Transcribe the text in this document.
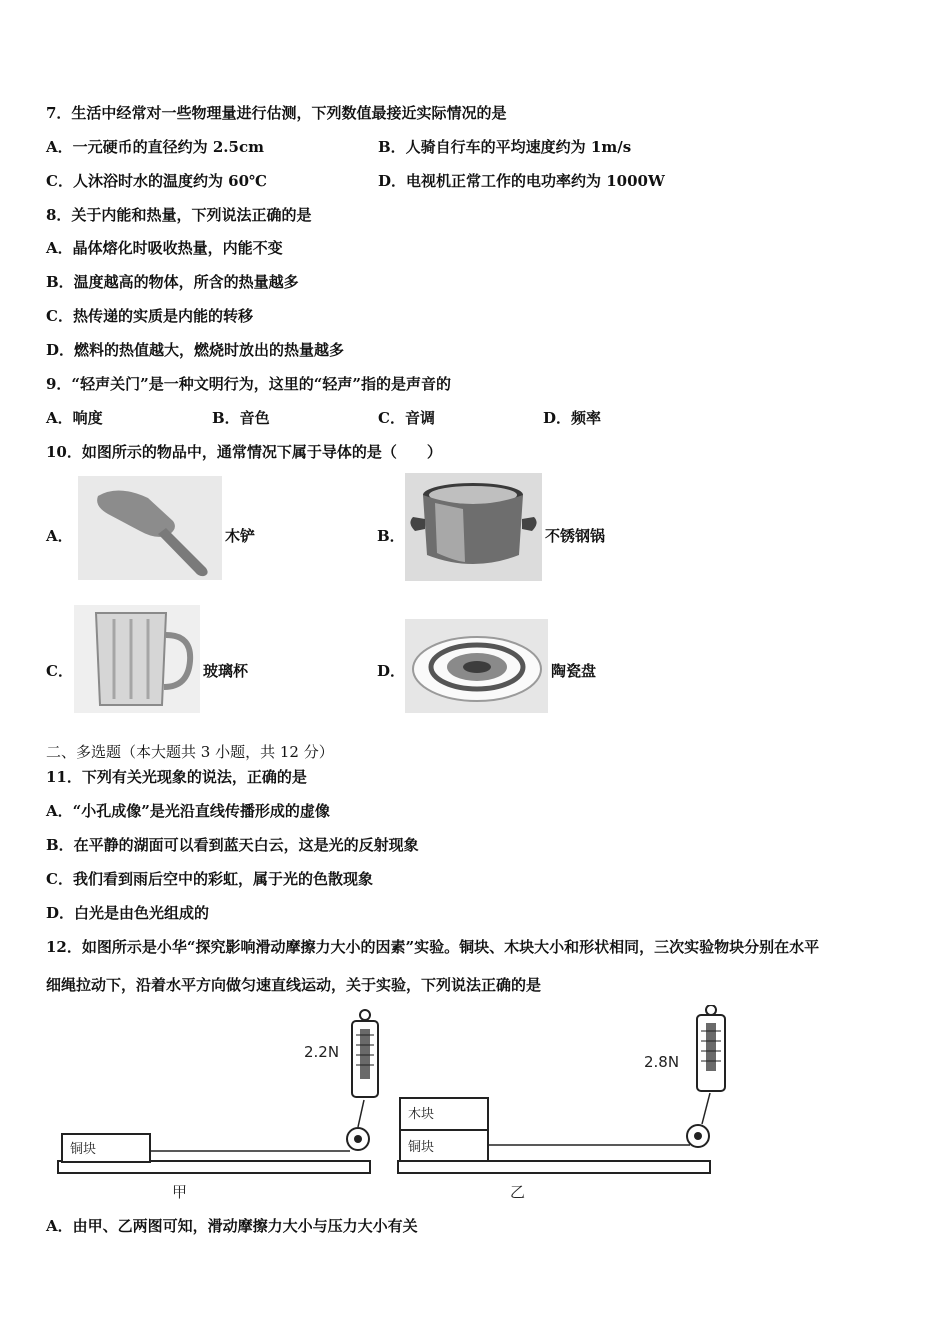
7．生活中经常对一些物理量进行估测，下列数值最接近实际情况的是
A．一元硬币的直径约为 2.5cm	B．人骑自行车的平均速度约为 1m/s
C．人沐浴时水的温度约为 60℃	D．电视机正常工作的电功率约为 1000W
8．关于内能和热量，下列说法正确的是
A．晶体熔化时吸收热量，内能不变
B．温度越高的物体，所含的热量越多
C．热传递的实质是内能的转移
D．燃料的热值越大，燃烧时放出的热量越多
9．“轻声关门”是一种文明行为，这里的“轻声”指的是声音的
A．响度	B．音色	C．音调	D．频率
10．如图所示的物品中，通常情况下属于导体的是（　　）
A．	木铲	B．	不锈钢锅
C．	玻璃杯	D．	陶瓷盘
二、多选题（本大题共 3 小题，共 12 分）
11．下列有关光现象的说法，正确的是
A．“小孔成像”是光沿直线传播形成的虚像
B．在平静的湖面可以看到蓝天白云，这是光的反射现象
C．我们看到雨后空中的彩虹，属于光的色散现象
D．白光是由色光组成的
12．如图所示是小华“探究影响滑动摩擦力大小的因素”实验。铜块、木块大小和形状相同，三次实验物块分别在水平
细绳拉动下，沿着水平方向做匀速直线运动，关于实验，下列说法正确的是
铜块
2.2N
甲
木块
铜块
2.8N
乙
A．由甲、乙两图可知，滑动摩擦力大小与压力大小有关
